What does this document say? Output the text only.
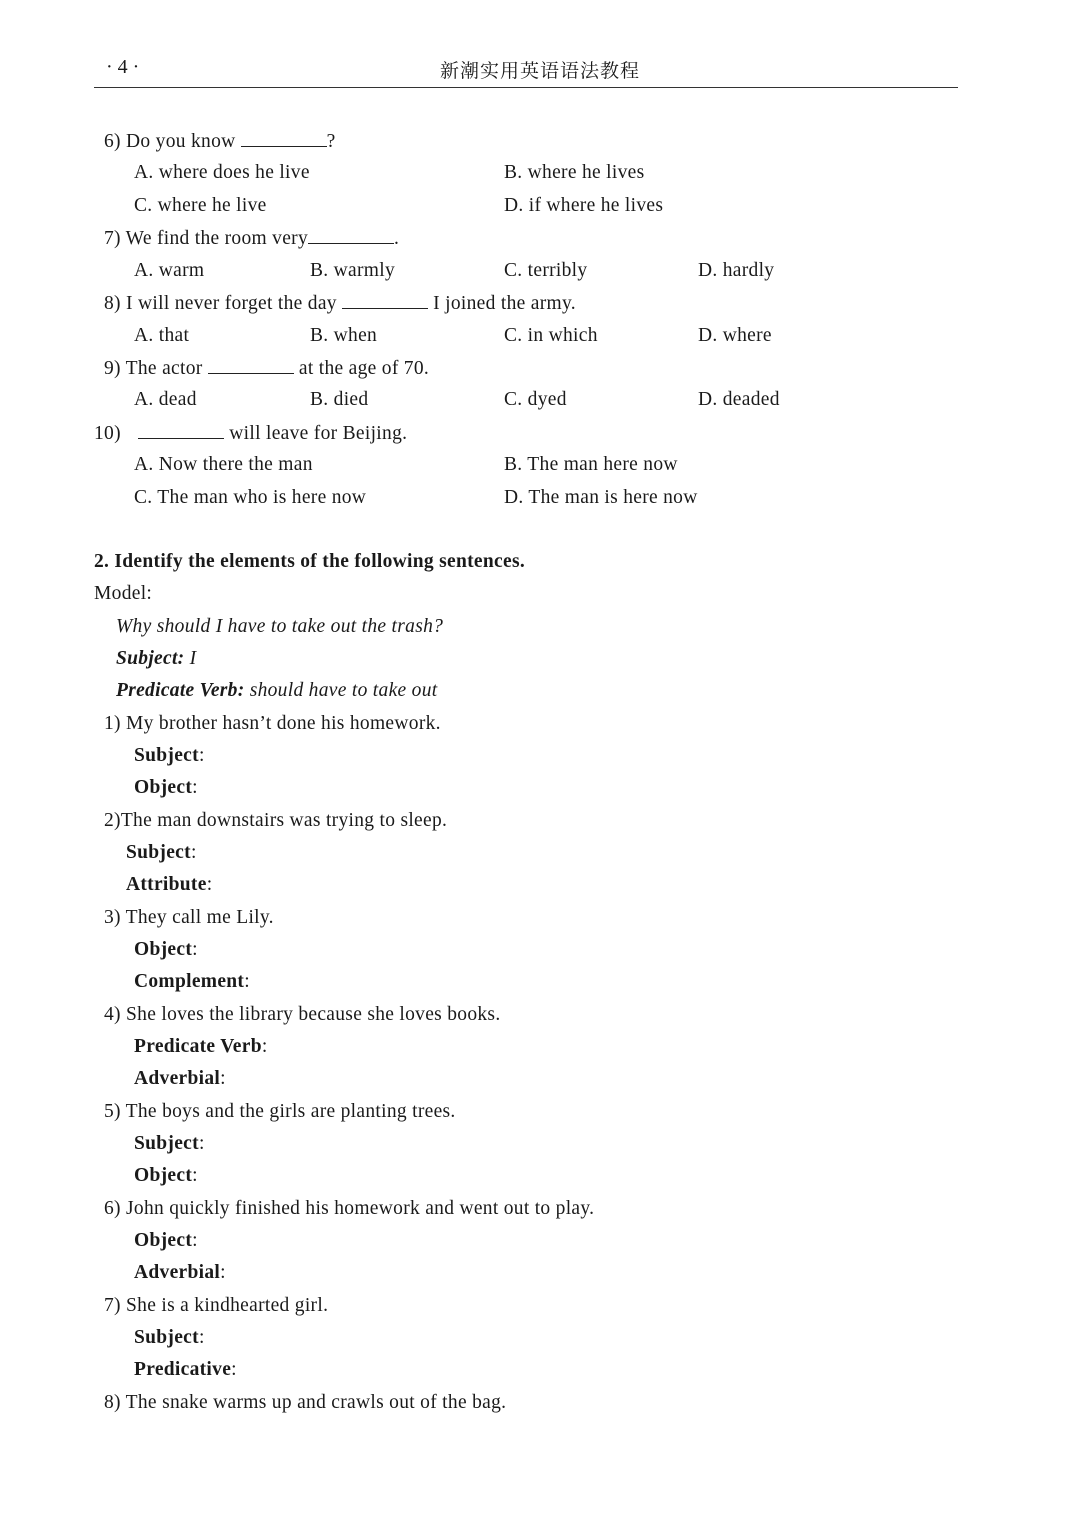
· 4 ·	新潮实用英语语法教程
6) Do you know	?
A. where does he live	B. where he lives
C. where he live	D. if where he lives
7) We find the room very	.
A. warm	B. warmly	C. terribly	D. hardly
8) I will never forget the day	I joined the army.
A. that	B. when	C. in which	D. where
9) The actor	at the age of 70.
A. dead	B. died	C. dyed	D. deaded
10)	will leave for Beijing.
A. Now there the man	B. The man here now
C. The man who is here now	D. The man is here now
2. Identify the elements of the following sentences.
Model:
Why should I have to take out the trash?
Subject: I
Predicate Verb: should have to take out
1) My brother hasn’t done his homework.
Subject:
Object:
2)The man downstairs was trying to sleep.
Subject:
Attribute:
3) They call me Lily.
Object:
Complement:
4) She loves the library because she loves books.
Predicate Verb:
Adverbial:
5) The boys and the girls are planting trees.
Subject:
Object:
6) John quickly finished his homework and went out to play.
Object:
Adverbial:
7) She is a kindhearted girl.
Subject:
Predicative:
8) The snake warms up and crawls out of the bag.
